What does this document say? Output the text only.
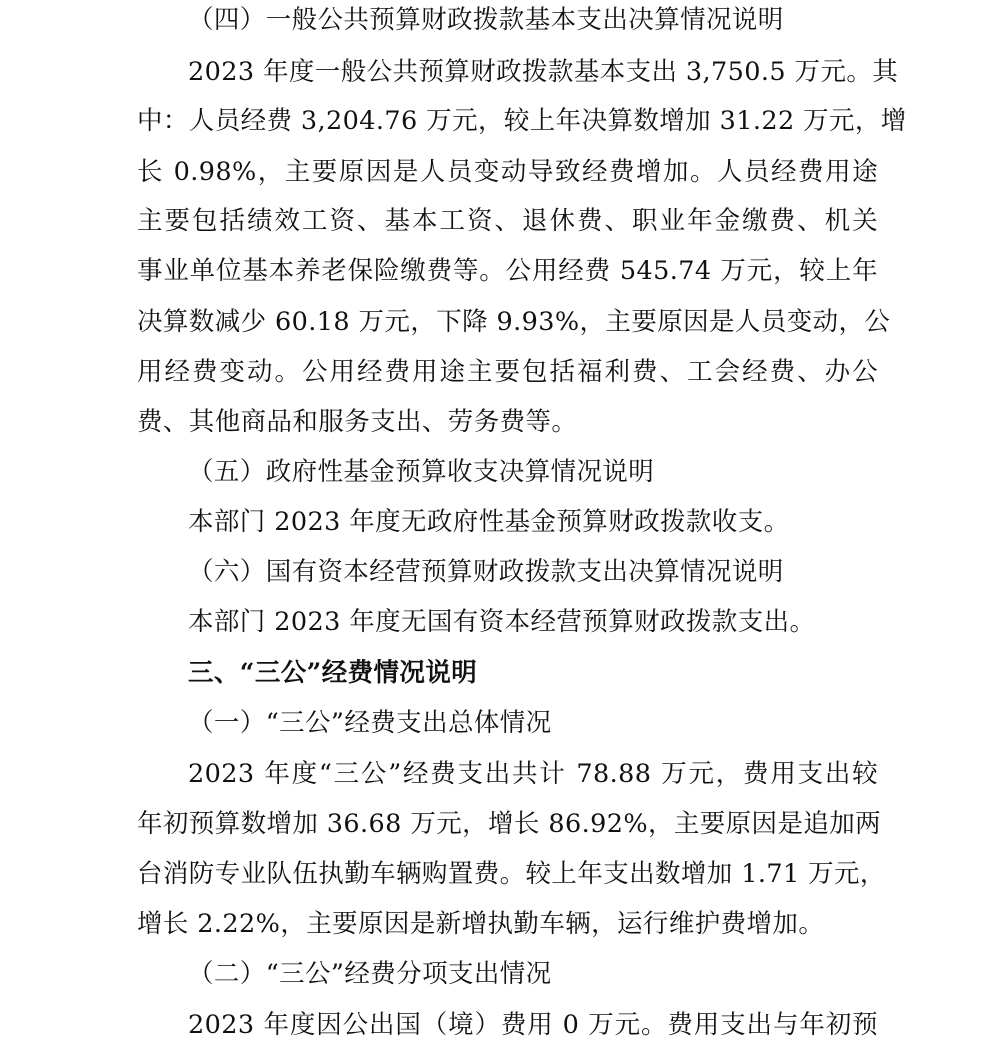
（四）一般公共预算财政拨款基本支出决算情况说明
2023 年度一般公共预算财政拨款基本支出 3,750.5 万元。其
中：人员经费 3,204.76 万元，较上年决算数增加 31.22 万元，增
长 0.98%，主要原因是人员变动导致经费增加。人员经费用途
主要包括绩效工资、基本工资、退休费、职业年金缴费、机关
事业单位基本养老保险缴费等。公用经费 545.74 万元，较上年
决算数减少 60.18 万元，下降 9.93%，主要原因是人员变动，公
用经费变动。公用经费用途主要包括福利费、工会经费、办公
费、其他商品和服务支出、劳务费等。
（五）政府性基金预算收支决算情况说明
本部门 2023 年度无政府性基金预算财政拨款收支。
（六）国有资本经营预算财政拨款支出决算情况说明
本部门 2023 年度无国有资本经营预算财政拨款支出。
三、“三公”经费情况说明
（一）“三公”经费支出总体情况
2023 年度“三公”经费支出共计 78.88 万元，费用支出较
年初预算数增加 36.68 万元，增长 86.92%，主要原因是追加两
台消防专业队伍执勤车辆购置费。较上年支出数增加 1.71 万元，
增长 2.22%，主要原因是新增执勤车辆，运行维护费增加。
（二）“三公”经费分项支出情况
2023 年度因公出国（境）费用 0 万元。费用支出与年初预
